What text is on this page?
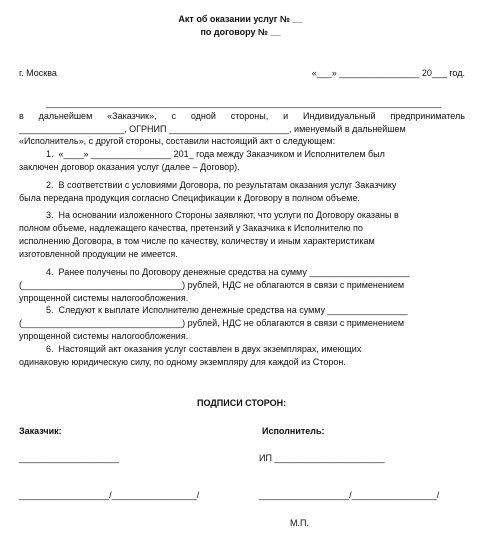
Акт об оказании услуг № __
по договору № __
г. Москва	«___» ________________ 20___ год.
_______________________________________________________________________________
в дальнейшем «Заказчик», с одной стороны, и Индивидуальный предприниматель
_____________________, ОГРНИП ________________________, именуемый в дальнейшем
«Исполнитель», с другой стороны, составили настоящий акт о следующем:
1.  «____» ________________ 201_ года между Заказчиком и Исполнителем был
заключен договор оказания услуг (далее – Договор).
2.  В соответствии с условиями Договора, по результатам оказания услуг Заказчику
была передана продукция согласно Спецификации к Договору в полном объеме.
3.  На основании изложенного Стороны заявляют, что услуги по Договору оказаны в
полном объеме, надлежащего качества, претензий у Заказчика к Исполнителю по
исполнению Договора, в том числе по качеству, количеству и иным характеристикам
изготовленной продукции не имеется.
4.  Ранее получены по Договору денежные средства на сумму ____________________
(________________________________) рублей, НДС не облагаются в связи с применением
упрощенной системы налогообложения.
5.  Следуют к выплате Исполнителю денежные средства на сумму ________________
(________________________________) рублей, НДС не облагаются в связи с применением
упрощенной системы налогообложения.
6.  Настоящий акт оказания услуг составлен в двух экземплярах, имеющих
одинаковую юридическую силу, по одному экземпляру для каждой из Сторон.
ПОДПИСИ СТОРОН:
Заказчик:	Исполнитель:
____________________	ИП ______________________
__________________/_________________/	__________________/_________________/
М.П.
